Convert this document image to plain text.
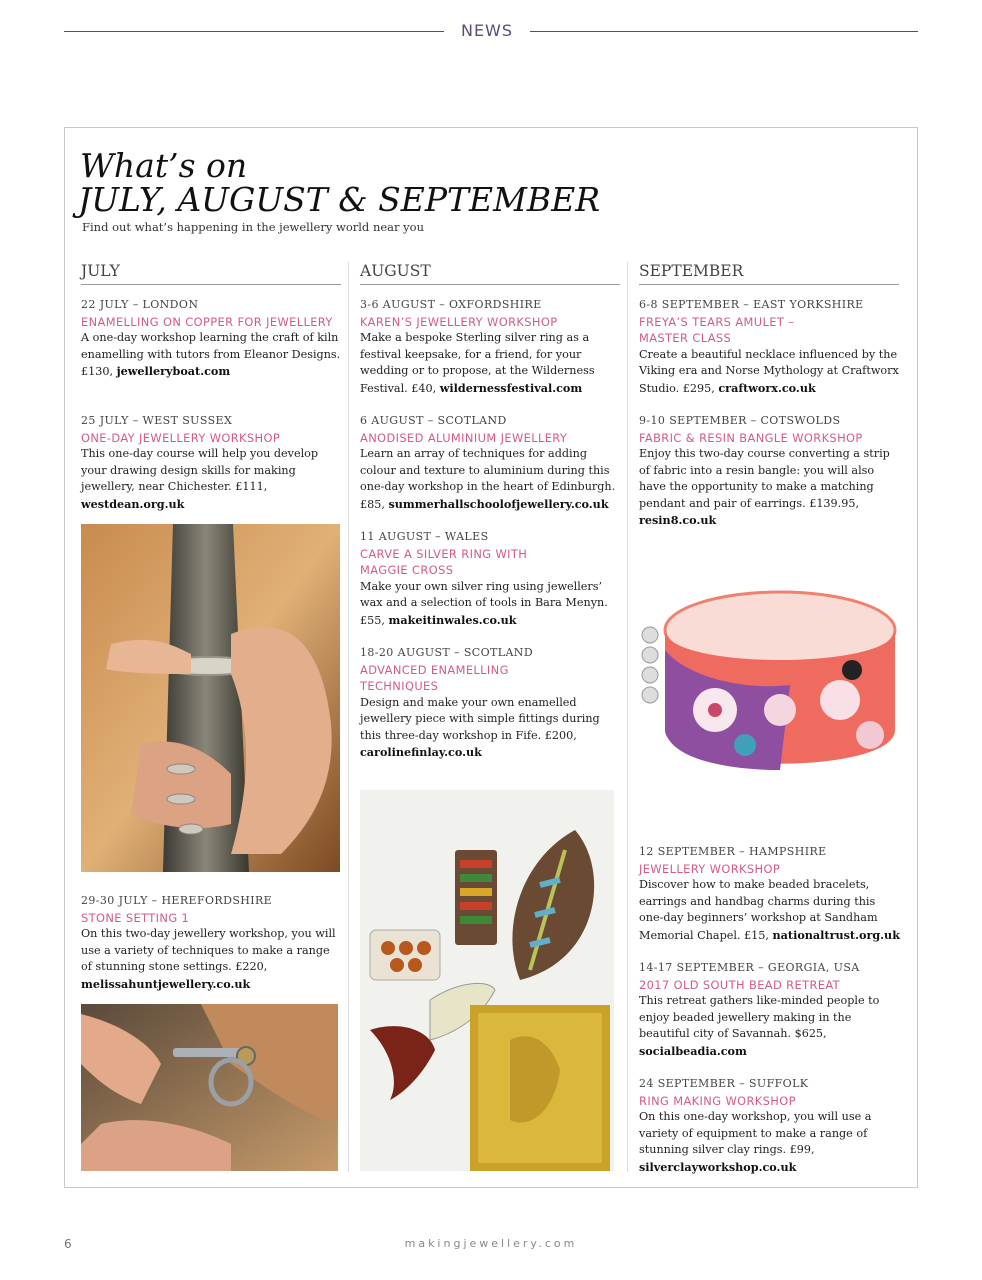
NEWS
What’s on
JULY, AUGUST & SEPTEMBER
Find out what’s happening in the jewellery world near you
JULY	AUGUST	SEPTEMBER
22 JULY – LONDON
ENAMELLING ON COPPER FOR JEWELLERY
A one-day workshop learning the craft of kiln enamelling with tutors from Eleanor Designs. £130, jewelleryboat.com
25 JULY – WEST SUSSEX
ONE-DAY JEWELLERY WORKSHOP
This one-day course will help you develop your drawing design skills for making jewellery, near Chichester. £111, westdean.org.uk
29-30 JULY – HEREFORDSHIRE
STONE SETTING 1
On this two-day jewellery workshop, you will use a variety of techniques to make a range of stunning stone settings. £220, melissahuntjewellery.co.uk
3-6 AUGUST – OXFORDSHIRE
KAREN’S JEWELLERY WORKSHOP
Make a bespoke Sterling silver ring as a festival keepsake, for a friend, for your wedding or to propose, at the Wilderness Festival. £40, wildernessfestival.com
6 AUGUST – SCOTLAND
ANODISED ALUMINIUM JEWELLERY
Learn an array of techniques for adding colour and texture to aluminium during this one-day workshop in the heart of Edinburgh. £85, summerhallschoolofjewellery.co.uk
11 AUGUST – WALES
CARVE A SILVER RING WITH MAGGIE CROSS
Make your own silver ring using jewellers’ wax and a selection of tools in Bara Menyn. £55, makeitinwales.co.uk
18-20 AUGUST – SCOTLAND
ADVANCED ENAMELLING TECHNIQUES
Design and make your own enamelled jewellery piece with simple fittings during this three-day workshop in Fife. £200, carolinefinlay.co.uk
6-8 SEPTEMBER – EAST YORKSHIRE
FREYA’S TEARS AMULET – MASTER CLASS
Create a beautiful necklace influenced by the Viking era and Norse Mythology at Craftworx Studio. £295, craftworx.co.uk
9-10 SEPTEMBER – COTSWOLDS
FABRIC & RESIN BANGLE WORKSHOP
Enjoy this two-day course converting a strip of fabric into a resin bangle: you will also have the opportunity to make a matching pendant and pair of earrings. £139.95, resin8.co.uk
12 SEPTEMBER – HAMPSHIRE
JEWELLERY WORKSHOP
Discover how to make beaded bracelets, earrings and handbag charms during this one-day beginners’ workshop at Sandham Memorial Chapel. £15, nationaltrust.org.uk
14-17 SEPTEMBER – GEORGIA, USA
2017 OLD SOUTH BEAD RETREAT
This retreat gathers like-minded people to enjoy beaded jewellery making in the beautiful city of Savannah. $625, socialbeadia.com
24 SEPTEMBER – SUFFOLK
RING MAKING WORKSHOP
On this one-day workshop, you will use a variety of equipment to make a range of stunning silver clay rings. £99, silverclayworkshop.co.uk
6	makingjewellery.com
